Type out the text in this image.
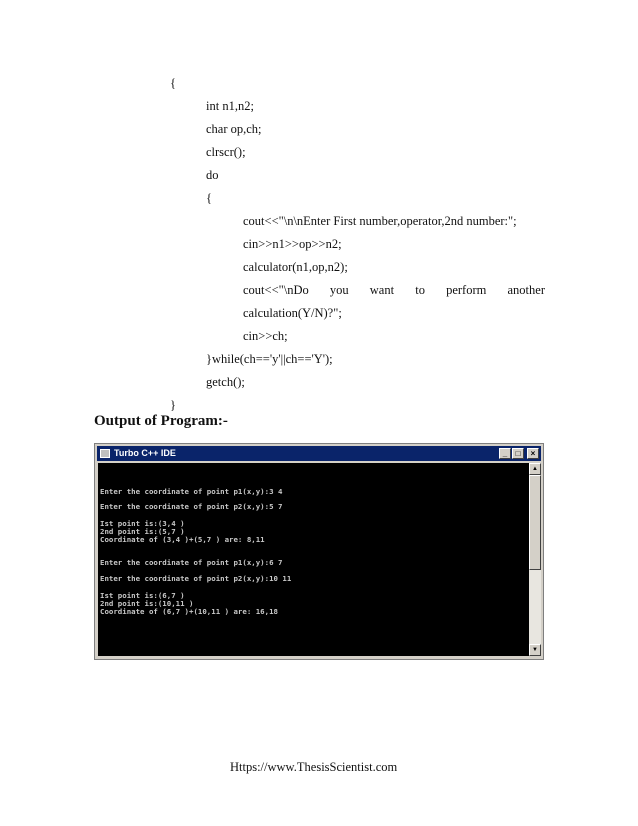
{
int n1,n2;
char op,ch;
clrscr();
do
{
cout<<"\n\nEnter First number,operator,2nd number:";
cin>>n1>>op>>n2;
calculator(n1,op,n2);
cout<<"\nDo you want to perform another
calculation(Y/N)?";
cin>>ch;
}while(ch=='y'||ch=='Y');
getch();
}
Output of Program:-
Turbo C++ IDE	_	□	×
Enter the coordinate of point p1(x,y):3 4
Enter the coordinate of point p2(x,y):5 7
Ist point is:(3,4 )
2nd point is:(5,7 )
Coordinate of (3,4 )+(5,7 ) are: 8,11
Enter the coordinate of point p1(x,y):6 7
Enter the coordinate of point p2(x,y):10 11
Ist point is:(6,7 )
2nd point is:(10,11 )
Coordinate of (6,7 )+(10,11 ) are: 16,18
▲
▼
Https://www.ThesisScientist.com
